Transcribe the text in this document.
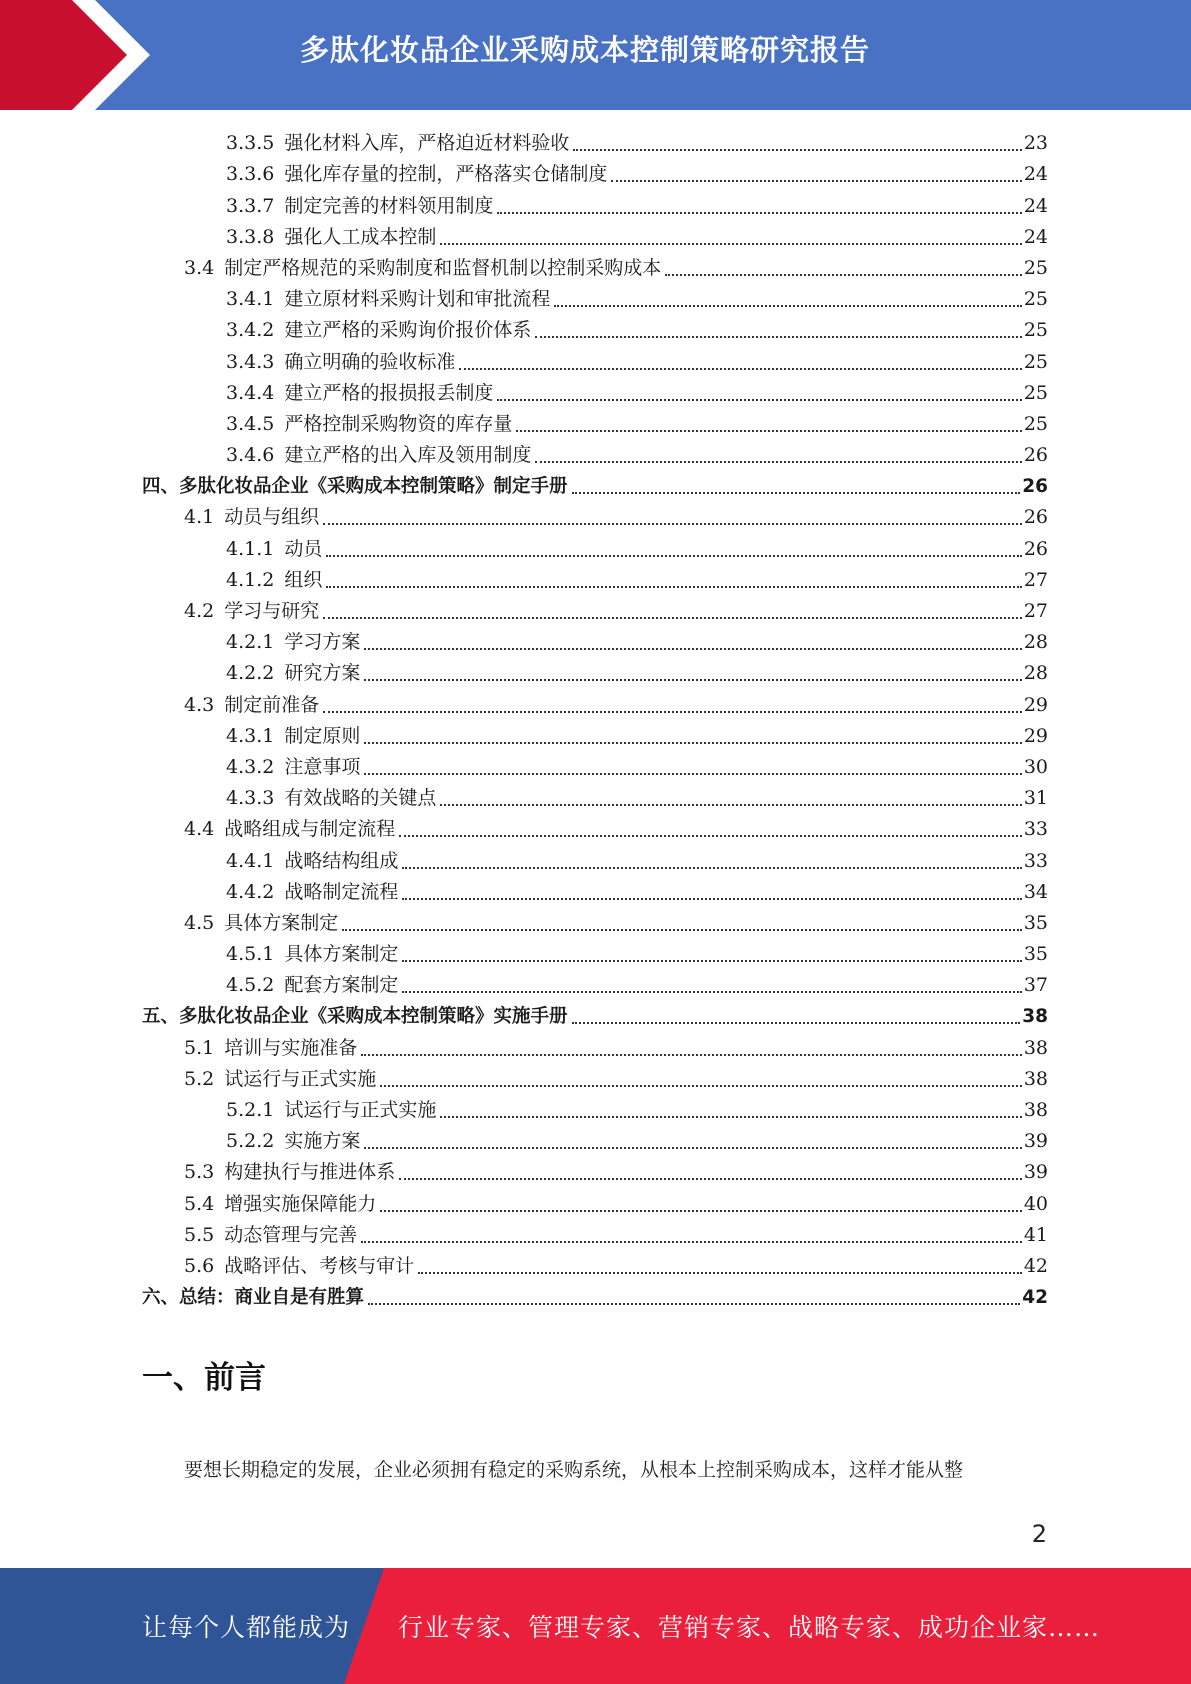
多肽化妆品企业采购成本控制策略研究报告
3.3.5 强化材料入库，严格迫近材料验收	23
3.3.6 强化库存量的控制，严格落实仓储制度	24
3.3.7 制定完善的材料领用制度	24
3.3.8 强化人工成本控制	24
3.4 制定严格规范的采购制度和监督机制以控制采购成本	25
3.4.1 建立原材料采购计划和审批流程	25
3.4.2 建立严格的采购询价报价体系	25
3.4.3 确立明确的验收标准	25
3.4.4 建立严格的报损报丢制度	25
3.4.5 严格控制采购物资的库存量	25
3.4.6 建立严格的出入库及领用制度	26
四、多肽化妆品企业《采购成本控制策略》制定手册	26
4.1 动员与组织	26
4.1.1 动员	26
4.1.2 组织	27
4.2 学习与研究	27
4.2.1 学习方案	28
4.2.2 研究方案	28
4.3 制定前准备	29
4.3.1 制定原则	29
4.3.2 注意事项	30
4.3.3 有效战略的关键点	31
4.4 战略组成与制定流程	33
4.4.1 战略结构组成	33
4.4.2 战略制定流程	34
4.5 具体方案制定	35
4.5.1 具体方案制定	35
4.5.2 配套方案制定	37
五、多肽化妆品企业《采购成本控制策略》实施手册	38
5.1 培训与实施准备	38
5.2 试运行与正式实施	38
5.2.1 试运行与正式实施	38
5.2.2 实施方案	39
5.3 构建执行与推进体系	39
5.4 增强实施保障能力	40
5.5 动态管理与完善	41
5.6 战略评估、考核与审计	42
六、总结：商业自是有胜算	42
一、前言
要想长期稳定的发展，企业必须拥有稳定的采购系统，从根本上控制采购成本，这样才能从整
2
让每个人都能成为 行业专家、管理专家、营销专家、战略专家、成功企业家……
